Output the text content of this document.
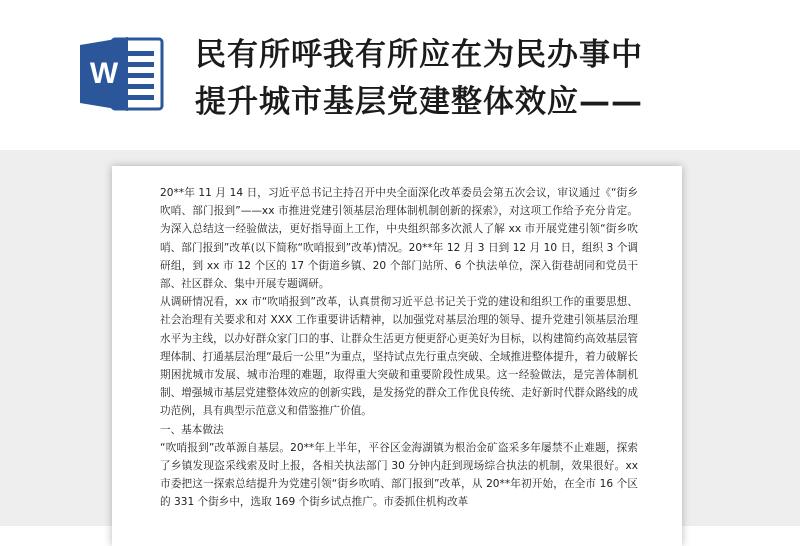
W
民有所呼我有所应在为民办事中
提升城市基层党建整体效应——

20**年 11 月 14 日，习近平总书记主持召开中央全面深化改革委员会第五次会议，审议通过《“街乡吹哨、部门报到”——xx 市推进党建引领基层治理体制机制创新的探索》，对这项工作给予充分肯定。为深入总结这一经验做法，更好指导面上工作，中央组织部多次派人了解 xx 市开展党建引领“街乡吹哨、部门报到”改革(以下简称“吹哨报到”改革)情况。20**年 12 月 3 日到 12 月 10 日，组织 3 个调研组，到 xx 市 12 个区的 17 个街道乡镇、20 个部门站所、6 个执法单位，深入街巷胡同和党员干部、社区群众、集中开展专题调研。

从调研情况看，xx 市“吹哨报到”改革，认真贯彻习近平总书记关于党的建设和组织工作的重要思想、社会治理有关要求和对 XXX 工作重要讲话精神，以加强党对基层治理的领导、提升党建引领基层治理水平为主线，以办好群众家门口的事、让群众生活更方便更舒心更美好为目标，以构建简约高效基层管理体制、打通基层治理“最后一公里”为重点，坚持试点先行重点突破、全域推进整体提升，着力破解长期困扰城市发展、城市治理的难题，取得重大突破和重要阶段性成果。这一经验做法，是完善体制机制、增强城市基层党建整体效应的创新实践，是发扬党的群众工作优良传统、走好新时代群众路线的成功范例，具有典型示范意义和借鉴推广价值。

一、基本做法

“吹哨报到”改革源自基层。20**年上半年，平谷区金海湖镇为根治金矿盗采多年屡禁不止难题，探索了乡镇发现盗采线索及时上报，各相关执法部门 30 分钟内赶到现场综合执法的机制，效果很好。xx 市委把这一探索总结提升为党建引领“街乡吹哨、部门报到”改革，从 20**年初开始，在全市 16 个区的 331 个街乡中，选取 169 个街乡试点推广。市委抓住机构改革
